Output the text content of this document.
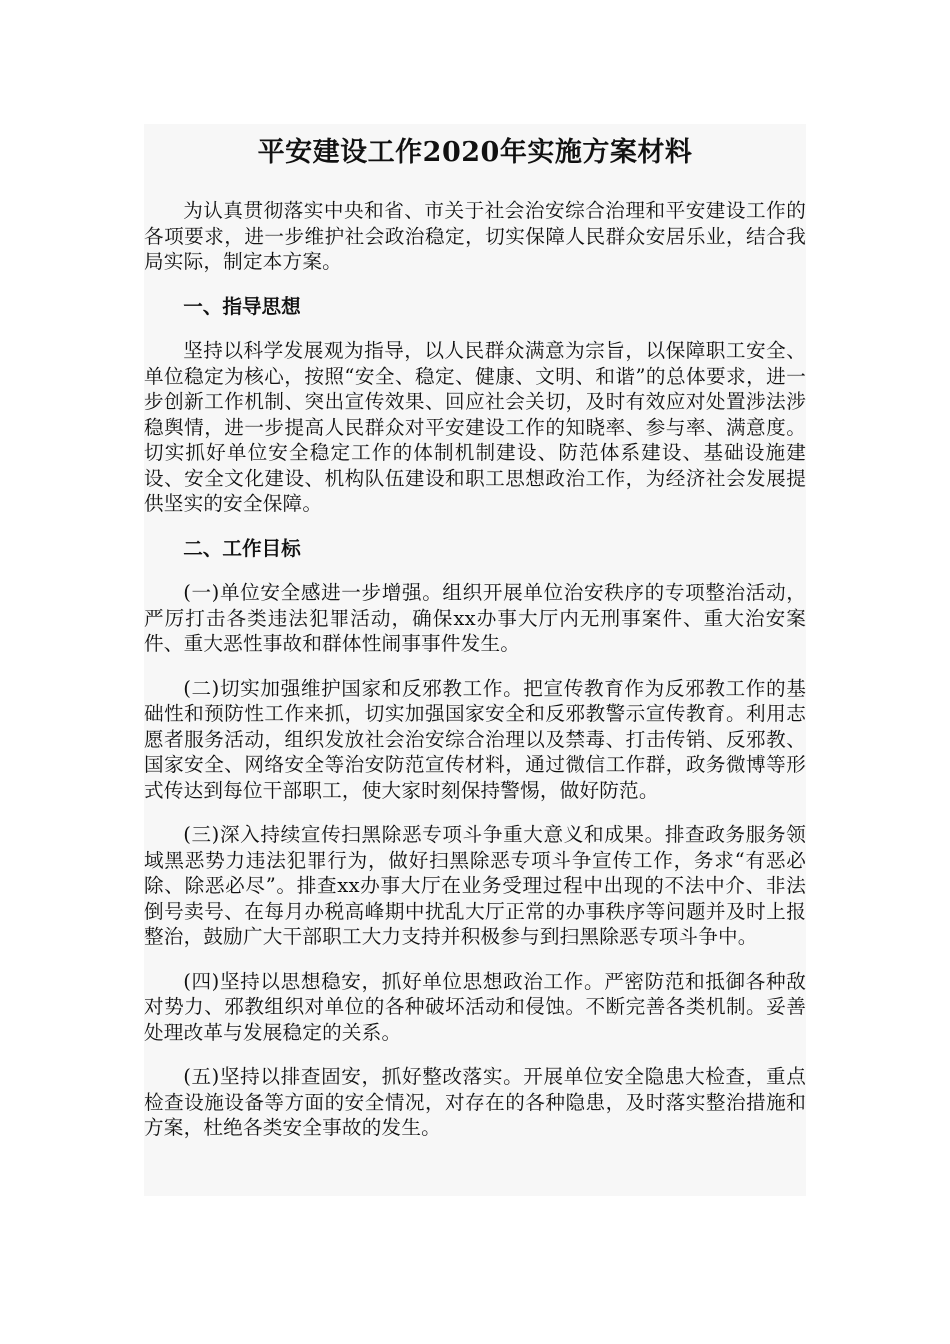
平安建设工作2020年实施方案材料

为认真贯彻落实中央和省、市关于社会治安综合治理和平安建设工作的各项要求，进一步维护社会政治稳定，切实保障人民群众安居乐业，结合我局实际，制定本方案。

一、指导思想

坚持以科学发展观为指导，以人民群众满意为宗旨，以保障职工安全、单位稳定为核心，按照“安全、稳定、健康、文明、和谐”的总体要求，进一步创新工作机制、突出宣传效果、回应社会关切，及时有效应对处置涉法涉稳舆情，进一步提高人民群众对平安建设工作的知晓率、参与率、满意度。切实抓好单位安全稳定工作的体制机制建设、防范体系建设、基础设施建设、安全文化建设、机构队伍建设和职工思想政治工作，为经济社会发展提供坚实的安全保障。

二、工作目标

(一)单位安全感进一步增强。组织开展单位治安秩序的专项整治活动，严厉打击各类违法犯罪活动，确保xx办事大厅内无刑事案件、重大治安案件、重大恶性事故和群体性闹事事件发生。

(二)切实加强维护国家和反邪教工作。把宣传教育作为反邪教工作的基础性和预防性工作来抓，切实加强国家安全和反邪教警示宣传教育。利用志愿者服务活动，组织发放社会治安综合治理以及禁毒、打击传销、反邪教、国家安全、网络安全等治安防范宣传材料，通过微信工作群，政务微博等形式传达到每位干部职工，使大家时刻保持警惕，做好防范。

(三)深入持续宣传扫黑除恶专项斗争重大意义和成果。排查政务服务领域黑恶势力违法犯罪行为，做好扫黑除恶专项斗争宣传工作，务求“有恶必除、除恶必尽”。排查xx办事大厅在业务受理过程中出现的不法中介、非法倒号卖号、在每月办税高峰期中扰乱大厅正常的办事秩序等问题并及时上报整治，鼓励广大干部职工大力支持并积极参与到扫黑除恶专项斗争中。

(四)坚持以思想稳安，抓好单位思想政治工作。严密防范和抵御各种敌对势力、邪教组织对单位的各种破坏活动和侵蚀。不断完善各类机制。妥善处理改革与发展稳定的关系。

(五)坚持以排查固安，抓好整改落实。开展单位安全隐患大检查，重点检查设施设备等方面的安全情况，对存在的各种隐患，及时落实整治措施和方案，杜绝各类安全事故的发生。
